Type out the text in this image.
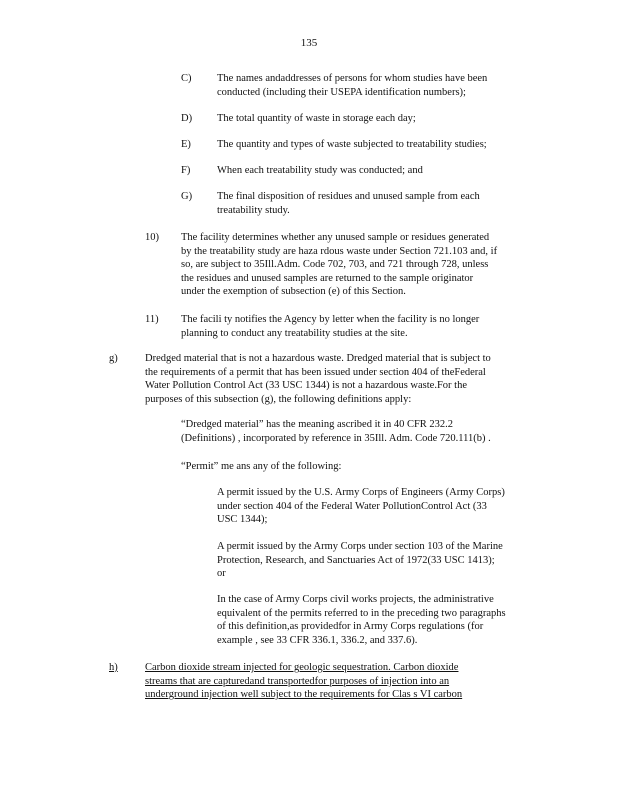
135
C) The names andaddresses of persons for whom studies have been
conducted (including their USEPA identification numbers);
D) The total quantity of waste in storage each day;
E) The quantity and types of waste subjected to treatability studies;
F)	When each treatability study was conducted; and
G) The final disposition of residues and unused sample from each
treatability study.
10) The facility determines whether any unused sample or residues generated
by the treatability study are haza rdous waste under Section 721.103 and, if
so, are subject to 35Ill.Adm. Code 702, 703, and 721 through 728, unless
the residues and unused samples are returned to the sample originator
under the exemption of subsection (e) of this Section.
11) The facili ty notifies the Agency by letter when the facility is no longer
planning to conduct any treatability studies at the site.
g)	Dredged material that is not a hazardous waste. Dredged material that is subject to
the requirements of a permit that has been issued under section 404 of theFederal
Water Pollution Control Act (33 USC 1344) is not a hazardous waste.For the
purposes of this subsection (g), the following definitions apply:
“Dredged material” has the meaning ascribed it in 40 CFR 232.2
(Definitions) , incorporated by reference in 35Ill. Adm. Code 720.111(b) .
“Permit” me ans any of the following:
A permit issued by the U.S. Army Corps of Engineers (Army Corps)
under section 404 of the Federal Water PollutionControl Act (33
USC 1344);
A permit issued by the Army Corps under section 103 of the Marine
Protection, Research, and Sanctuaries Act of 1972(33 USC 1413);
or
In the case of Army Corps civil works projects, the administrative
equivalent of the permits referred to in the preceding two paragraphs
of this definition,as providedfor in Army Corps regulations (for
example , see 33 CFR 336.1, 336.2, and 337.6).
h)	Carbon dioxide stream injected for geologic sequestration. Carbon dioxide
streams that are capturedand transportedfor purposes of injection into an
underground injection well subject to the requirements for Clas s VI carbon
